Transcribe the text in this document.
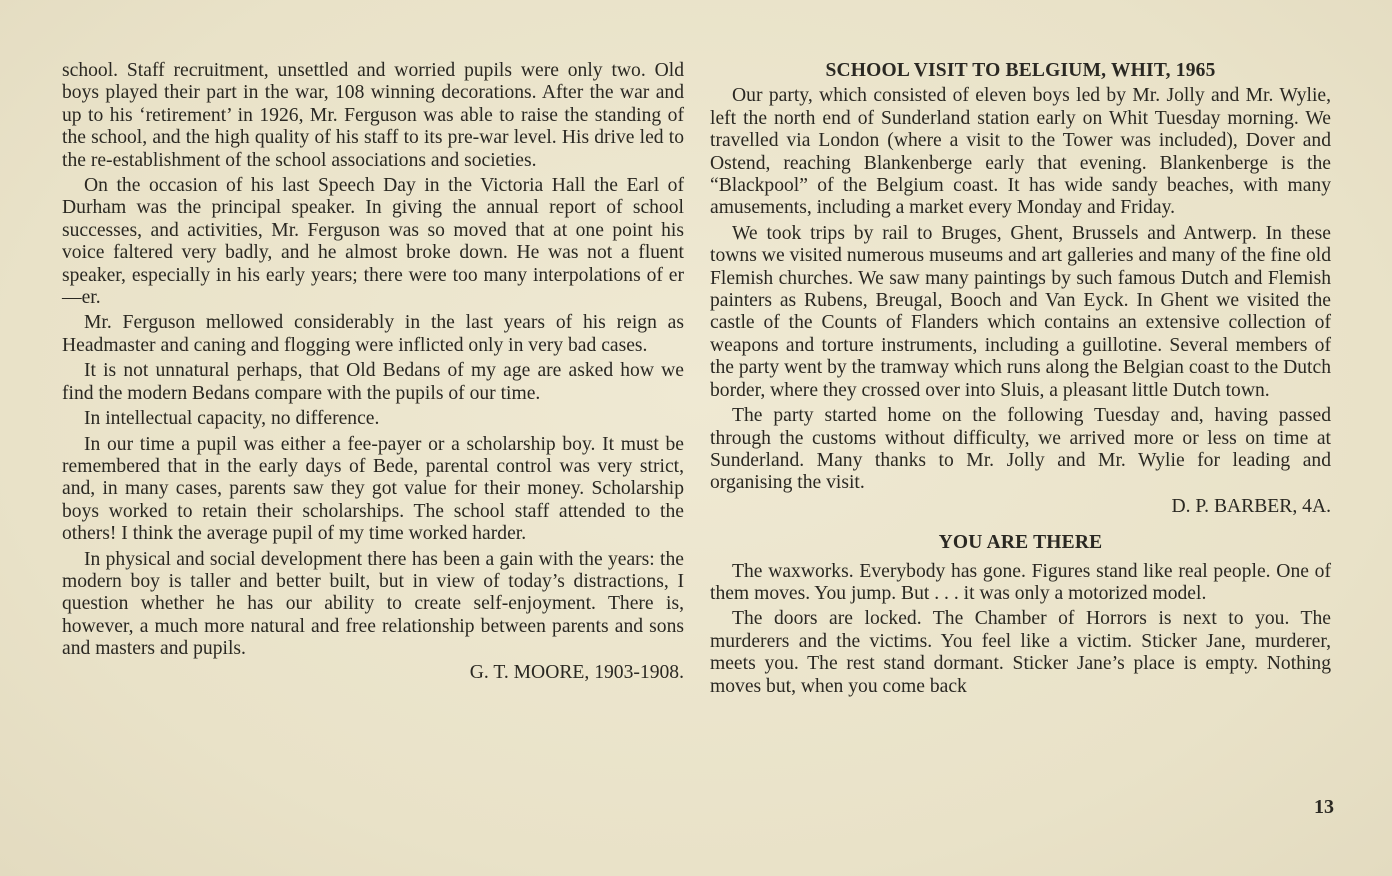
school. Staff recruitment, unsettled and worried pupils were only two. Old boys played their part in the war, 108 winning decorations. After the war and up to his ‘retirement’ in 1926, Mr. Ferguson was able to raise the standing of the school, and the high quality of his staff to its pre-war level. His drive led to the re-establishment of the school associations and societies.

On the occasion of his last Speech Day in the Victoria Hall the Earl of Durham was the principal speaker. In giving the annual report of school successes, and activities, Mr. Ferguson was so moved that at one point his voice faltered very badly, and he almost broke down. He was not a fluent speaker, especially in his early years; there were too many interpolations of er—er.

Mr. Ferguson mellowed considerably in the last years of his reign as Headmaster and caning and flogging were inflicted only in very bad cases.

It is not unnatural perhaps, that Old Bedans of my age are asked how we find the modern Bedans compare with the pupils of our time.

In intellectual capacity, no difference.

In our time a pupil was either a fee-payer or a scholarship boy. It must be remembered that in the early days of Bede, parental control was very strict, and, in many cases, parents saw they got value for their money. Scholarship boys worked to retain their scholarships. The school staff attended to the others! I think the average pupil of my time worked harder.

In physical and social development there has been a gain with the years: the modern boy is taller and better built, but in view of today’s distractions, I question whether he has our ability to create self-enjoyment. There is, however, a much more natural and free relationship between parents and sons and masters and pupils.

G. T. MOORE, 1903-1908.
SCHOOL VISIT TO BELGIUM, WHIT, 1965

Our party, which consisted of eleven boys led by Mr. Jolly and Mr. Wylie, left the north end of Sunderland station early on Whit Tuesday morning. We travelled via London (where a visit to the Tower was included), Dover and Ostend, reaching Blankenberge early that evening. Blankenberge is the “Blackpool” of the Belgium coast. It has wide sandy beaches, with many amusements, including a market every Monday and Friday.

We took trips by rail to Bruges, Ghent, Brussels and Antwerp. In these towns we visited numerous museums and art galleries and many of the fine old Flemish churches. We saw many paintings by such famous Dutch and Flemish painters as Rubens, Breugal, Booch and Van Eyck. In Ghent we visited the castle of the Counts of Flanders which contains an extensive collection of weapons and torture instruments, including a guillotine. Several members of the party went by the tramway which runs along the Belgian coast to the Dutch border, where they crossed over into Sluis, a pleasant little Dutch town.

The party started home on the following Tuesday and, having passed through the customs without difficulty, we arrived more or less on time at Sunderland. Many thanks to Mr. Jolly and Mr. Wylie for leading and organising the visit.

D. P. BARBER, 4A.
YOU ARE THERE

The waxworks. Everybody has gone. Figures stand like real people. One of them moves. You jump. But . . . it was only a motorized model.

The doors are locked. The Chamber of Horrors is next to you. The murderers and the victims. You feel like a victim. Sticker Jane, murderer, meets you. The rest stand dormant. Sticker Jane’s place is empty. Nothing moves but, when you come back

13
